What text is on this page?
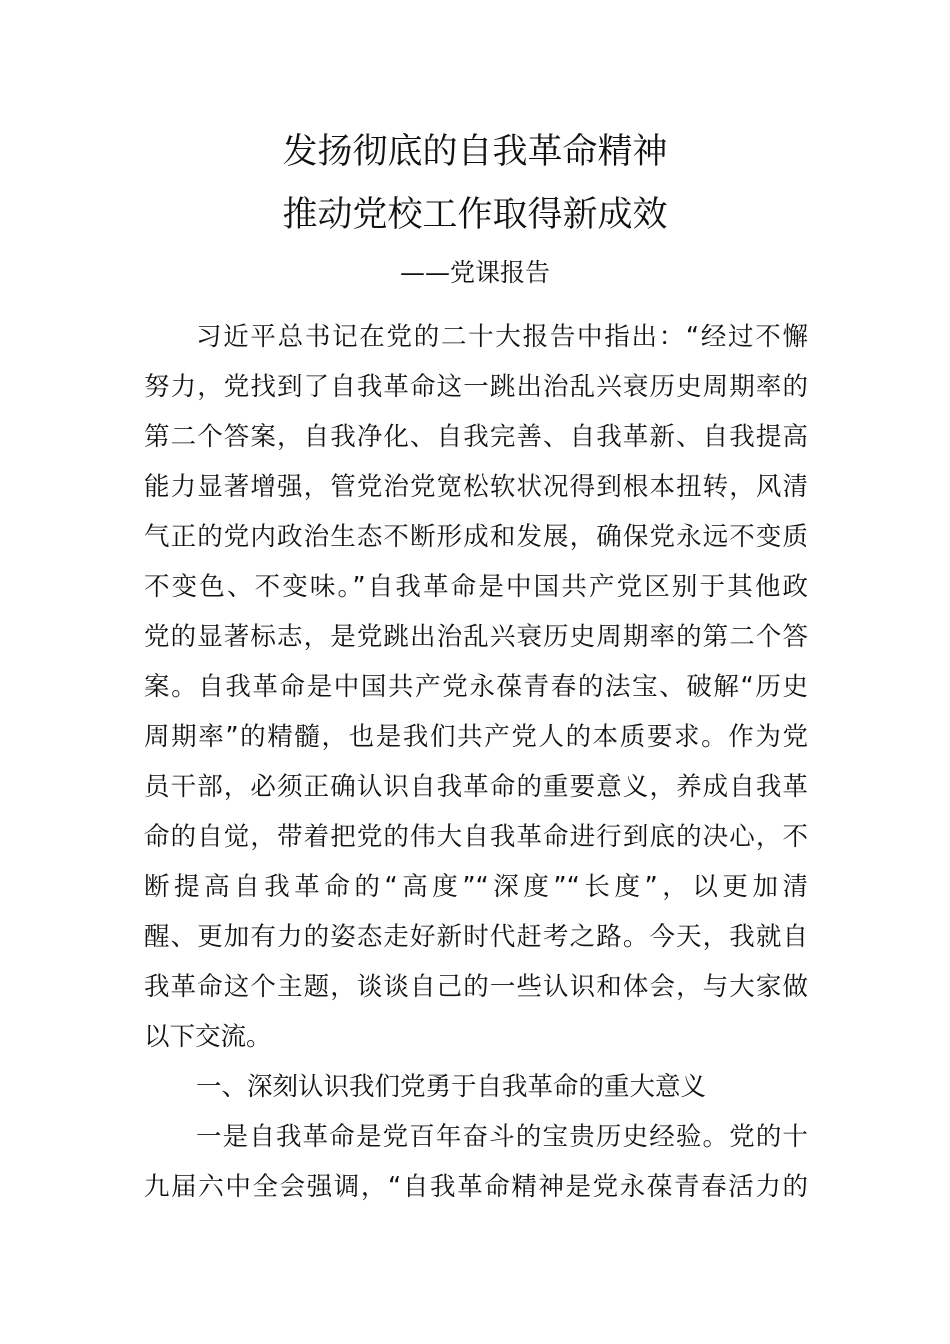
发扬彻底的自我革命精神
推动党校工作取得新成效
——党课报告
习近平总书记在党的二十大报告中指出：“经过不懈
努力，党找到了自我革命这一跳出治乱兴衰历史周期率的
第二个答案，自我净化、自我完善、自我革新、自我提高
能力显著增强，管党治党宽松软状况得到根本扭转，风清
气正的党内政治生态不断形成和发展，确保党永远不变质
不变色、不变味。”自我革命是中国共产党区别于其他政
党的显著标志，是党跳出治乱兴衰历史周期率的第二个答
案。自我革命是中国共产党永葆青春的法宝、破解“历史
周期率”的精髓，也是我们共产党人的本质要求。作为党
员干部，必须正确认识自我革命的重要意义，养成自我革
命的自觉，带着把党的伟大自我革命进行到底的决心，不
断提高自我革命的“高度”“深度”“长度”，以更加清
醒、更加有力的姿态走好新时代赶考之路。今天，我就自
我革命这个主题，谈谈自己的一些认识和体会，与大家做
以下交流。
一、深刻认识我们党勇于自我革命的重大意义
一是自我革命是党百年奋斗的宝贵历史经验。党的十
九届六中全会强调，“自我革命精神是党永葆青春活力的
